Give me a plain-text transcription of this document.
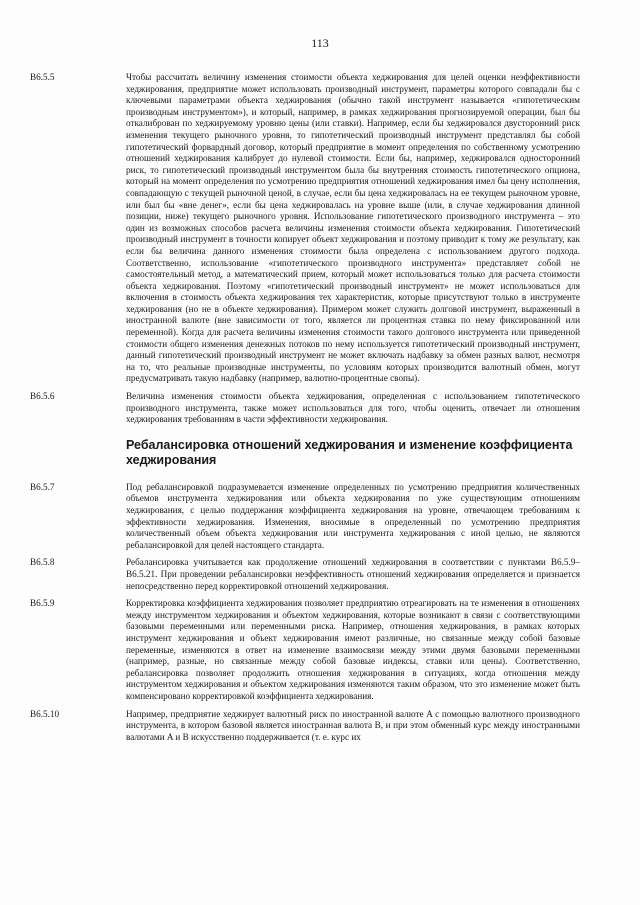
113
B6.5.5	Чтобы рассчитать величину изменения стоимости объекта хеджирования для целей оценки неэффективности хеджирования, предприятие может использовать производный инструмент, параметры которого совпадали бы с ключевыми параметрами объекта хеджирования (обычно такой инструмент называется «гипотетическим производным инструментом»), и который, например, в рамках хеджирования прогнозируемой операции, был бы откалиброван по хеджируемому уровню цены (или ставки). Например, если бы хеджировался двусторонний риск изменения текущего рыночного уровня, то гипотетический производный инструмент представлял бы собой гипотетический форвардный договор, который предприятие в момент определения по собственному усмотрению отношений хеджирования калибрует до нулевой стоимости. Если бы, например, хеджировался односторонний риск, то гипотетический производный инструментом была бы внутренняя стоимость гипотетического опциона, который на момент определения по усмотрению предприятия отношений хеджирования имел бы цену исполнения, совпадающую с текущей рыночной ценой, в случае, если бы цена хеджировалась на ее текущем рыночном уровне, или был бы «вне денег», если бы цена хеджировалась на уровне выше (или, в случае хеджирования длинной позиции, ниже) текущего рыночного уровня. Использование гипотетического производного инструмента – это один из возможных способов расчета величины изменения стоимости объекта хеджирования. Гипотетический производный инструмент в точности копирует объект хеджирования и поэтому приводит к тому же результату, как если бы величина данного изменения стоимости была определена с использованием другого подхода. Соответственно, использование «гипотетического производного инструмента» представляет собой не самостоятельный метод, а математический прием, который может использоваться только для расчета стоимости объекта хеджирования. Поэтому «гипотетический производный инструмент» не может использоваться для включения в стоимость объекта хеджирования тех характеристик, которые присутствуют только в инструменте хеджирования (но не в объекте хеджирования). Примером может служить долговой инструмент, выраженный в иностранной валюте (вне зависимости от того, является ли процентная ставка по нему фиксированной или переменной). Когда для расчета величины изменения стоимости такого долгового инструмента или приведенной стоимости общего изменения денежных потоков по нему используется гипотетический производный инструмент, данный гипотетический производный инструмент не может включать надбавку за обмен разных валют, несмотря на то, что реальные производные инструменты, по условиям которых производится валютный обмен, могут предусматривать такую надбавку (например, валютно-процентные свопы).
B6.5.6	Величина изменения стоимости объекта хеджирования, определенная с использованием гипотетического производного инструмента, также может использоваться для того, чтобы оценить, отвечает ли отношения хеджирования требованиям в части эффективности хеджирования.
Ребалансировка отношений хеджирования и изменение коэффициента хеджирования
B6.5.7	Под ребалансировкой подразумевается изменение определенных по усмотрению предприятия количественных объемов инструмента хеджирования или объекта хеджирования по уже существующим отношениям хеджирования, с целью поддержания коэффициента хеджирования на уровне, отвечающем требованиям к эффективности хеджирования. Изменения, вносимые в определенный по усмотрению предприятия количественный объем объекта хеджирования или инструмента хеджирования с иной целью, не являются ребалансировкой для целей настоящего стандарта.
B6.5.8	Ребалансировка учитывается как продолжение отношений хеджирования в соответствии с пунктами B6.5.9–B6.5.21. При проведении ребалансировки неэффективность отношений хеджирования определяется и признается непосредственно перед корректировкой отношений хеджирования.
B6.5.9	Корректировка коэффициента хеджирования позволяет предприятию отреагировать на те изменения в отношениях между инструментом хеджирования и объектом хеджирования, которые возникают в связи с соответствующими базовыми переменными или переменными риска. Например, отношения хеджирования, в рамках которых инструмент хеджирования и объект хеджирования имеют различные, но связанные между собой базовые переменные, изменяются в ответ на изменение взаимосвязи между этими двумя базовыми переменными (например, разные, но связанные между собой базовые индексы, ставки или цены). Соответственно, ребалансировка позволяет продолжить отношения хеджирования в ситуациях, когда отношения между инструментом хеджирования и объектом хеджирования изменяются таким образом, что это изменение может быть компенсировано корректировкой коэффициента хеджирования.
B6.5.10	Например, предприятие хеджирует валютный риск по иностранной валюте A с помощью валютного производного инструмента, в котором базовой является иностранная валюта B, и при этом обменный курс между иностранными валютами A и B искусственно поддерживается (т. е. курс их
